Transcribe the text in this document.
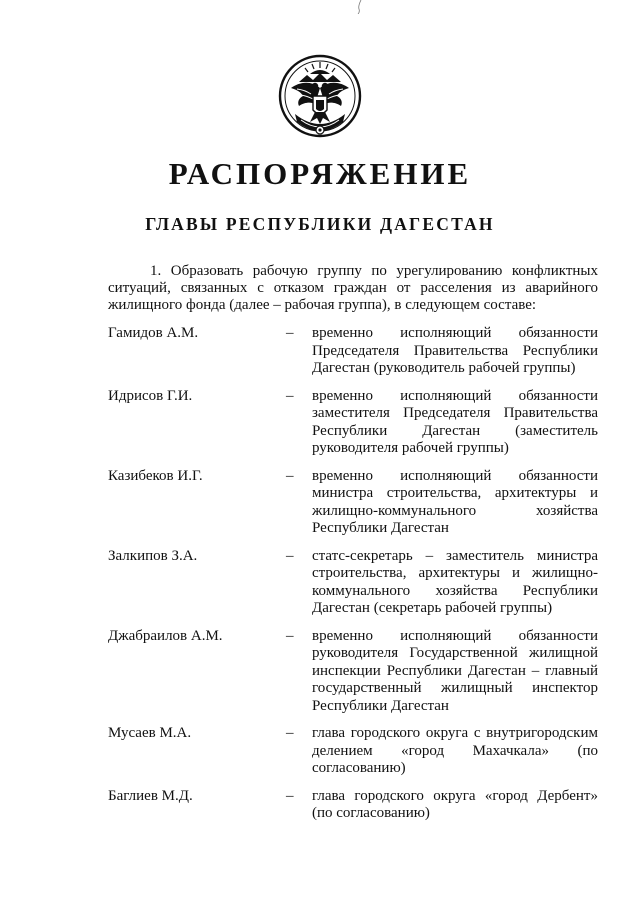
РАСПОРЯЖЕНИЕ
ГЛАВЫ РЕСПУБЛИКИ ДАГЕСТАН
1. Образовать рабочую группу по урегулированию конфликтных ситуаций, связанных с отказом граждан от расселения из аварийного жилищного фонда (далее – рабочая группа), в следующем составе:
Гамидов А.М.	–	временно исполняющий обязанности Председателя Правительства Республики Дагестан (руководитель рабочей группы)
Идрисов Г.И.	–	временно исполняющий обязанности заместителя Председателя Правительства Республики Дагестан (заместитель руководителя рабочей группы)
Казибеков И.Г.	–	временно исполняющий обязанности министра строительства, архитектуры и жилищно-коммунального хозяйства Республики Дагестан
Залкипов З.А.	–	статс-секретарь – заместитель министра строительства, архитектуры и жилищно-коммунального хозяйства Республики Дагестан (секретарь рабочей группы)
Джабраилов А.М.	–	временно исполняющий обязанности руководителя Государственной жилищной инспекции Республики Дагестан – главный государственный жилищный инспектор Республики Дагестан
Мусаев М.А.	–	глава городского округа с внутригородским делением «город Махачкала» (по согласованию)
Баглиев М.Д.	–	глава городского округа «город Дербент» (по согласованию)
